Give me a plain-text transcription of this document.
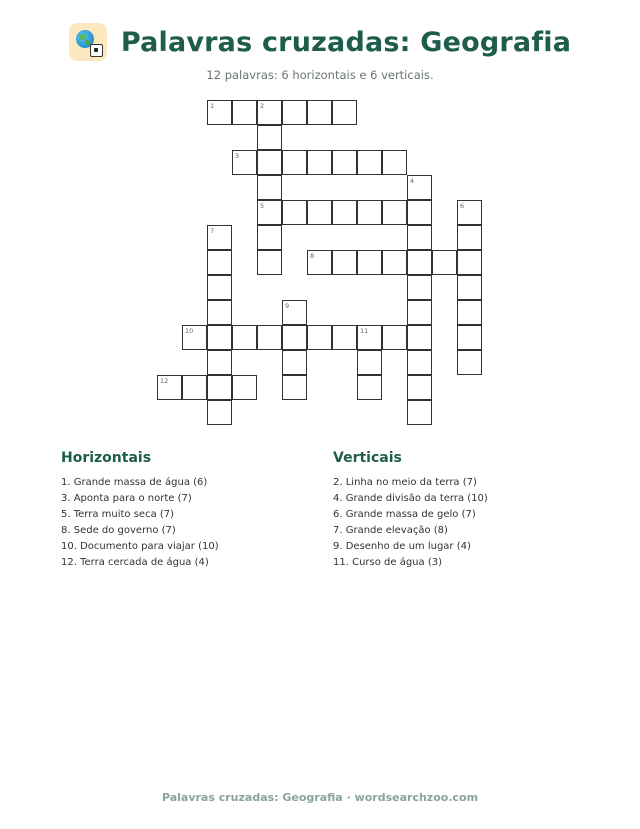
Palavras cruzadas: Geografia
12 palavras: 6 horizontais e 6 verticais.
1	2
3
4
5	6
7
8
9
10	11
12
Horizontais
1. Grande massa de água (6)
3. Aponta para o norte (7)
5. Terra muito seca (7)
8. Sede do governo (7)
10. Documento para viajar (10)
12. Terra cercada de água (4)
Verticais
2. Linha no meio da terra (7)
4. Grande divisão da terra (10)
6. Grande massa de gelo (7)
7. Grande elevação (8)
9. Desenho de um lugar (4)
11. Curso de água (3)
Palavras cruzadas: Geografia · wordsearchzoo.com
